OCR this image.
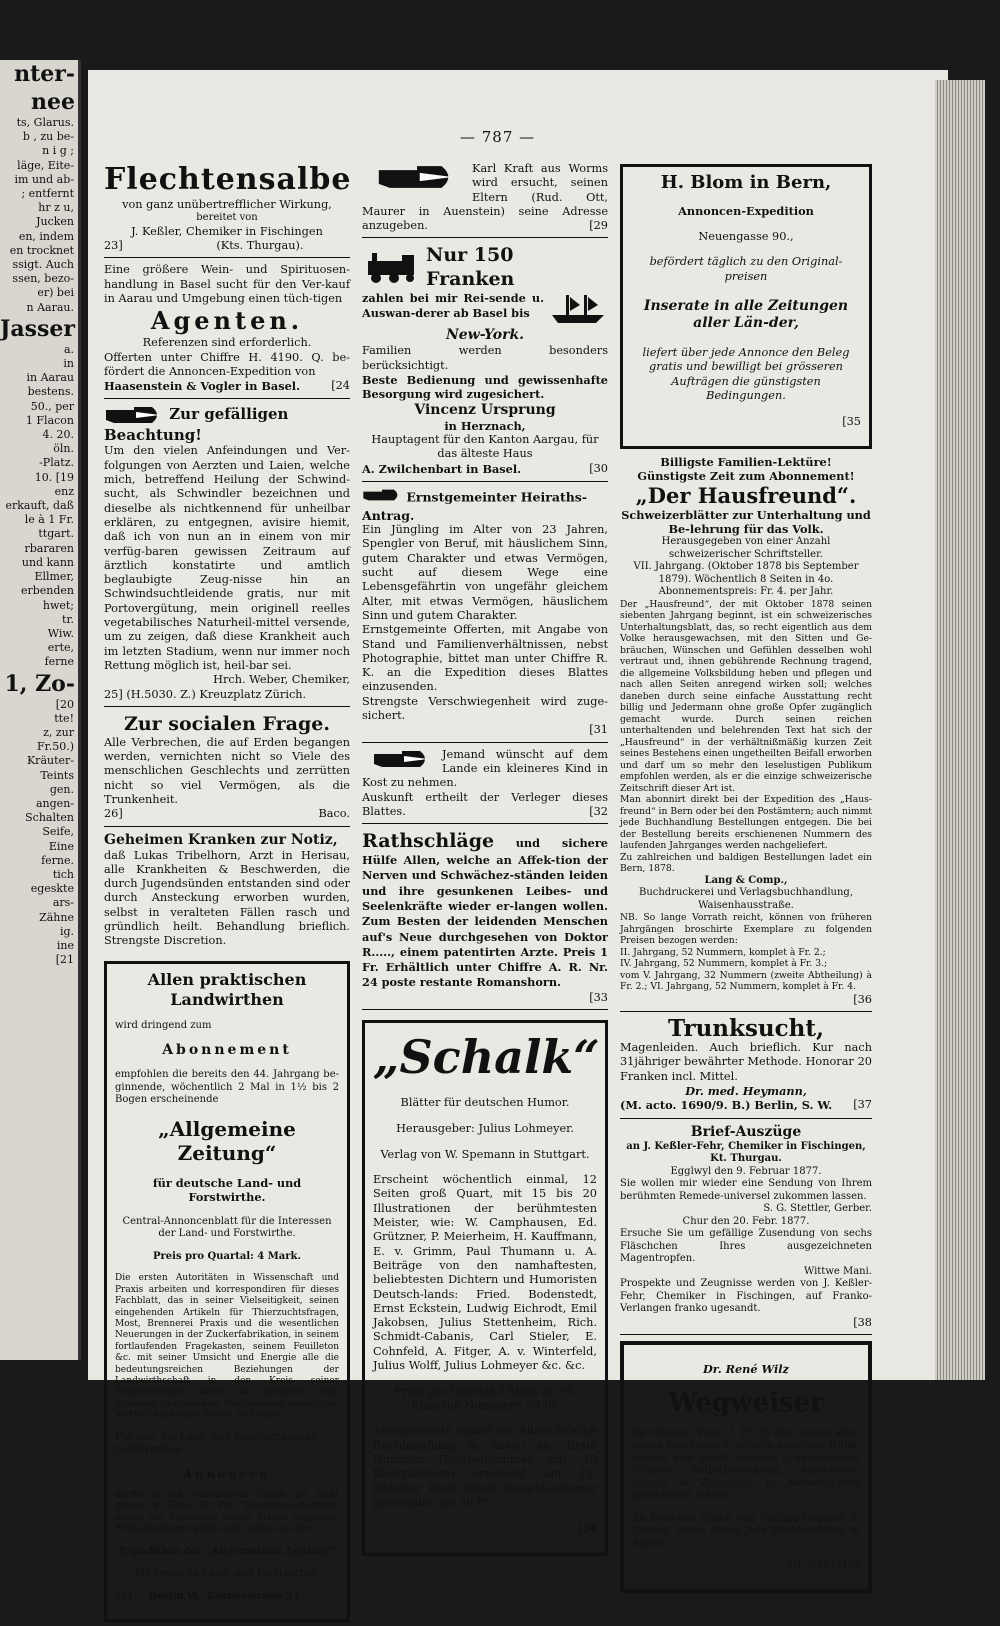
nter-
nee
ts, Glarus.
b , zu be-
n i g ;
läge, Eite-
im und ab-
; entfernt
hr z u,
Jucken
en, indem
en trocknet
ssigt. Auch
ssen, bezo-
er) bei
n Aarau.
Jasser
a.
in
in Aarau
bestens.
50., per
1 Flacon
4. 20.
öln.
-Platz.
10. [19
enz
erkauft, daß
le à 1 Fr.
ttgart.
rbararen
und kann
Ellmer,
erbenden
hwet;
tr.
Wiw.
erte,
ferne
1, Zo-
[20
tte!
z, zur
Fr.50.)
Kräuter-
Teints
gen.
angen-
Schalten
Seife,
Eine
ferne.
tich
egeskte
ars-
Zähne
ig.
ine
[21
— 787 —
Flechtensalbe

von ganz unübertrefflicher Wirkung,

bereitet von

J. Keßler, Chemiker in Fischingen

23]	(Kts. Thurgau).

Eine größere Wein- und Spirituosen-handlung in Basel sucht für den Ver-kauf in Aarau und Umgebung einen tüch-tigen

Agenten.

Referenzen sind erforderlich.

Offerten unter Chiffre H. 4190. Q. be-fördert die Annoncen-Expedition von

Haasenstein & Vogler in Basel.	[24

Zur gefälligen Beachtung!

Um den vielen Anfeindungen und Ver-folgungen von Aerzten und Laien, welche mich, betreffend Heilung der Schwind-sucht, als Schwindler bezeichnen und dieselbe als nichtkennend für unheilbar erklären, zu entgegnen, avisire hiemit, daß ich von nun an in einem von mir verfüg-baren gewissen Zeitraum auf ärztlich konstatirte und amtlich beglaubigte Zeug-nisse hin an Schwindsuchtleidende gratis, nur mit Portovergütung, mein originell reelles vegetabilisches Naturheil-mittel versende, um zu zeigen, daß diese Krankheit auch im letzten Stadium, wenn nur immer noch Rettung möglich ist, heil-bar sei.

Hrch. Weber, Chemiker,

25] (H.5030. Z.) Kreuzplatz Zürich.

Zur socialen Frage.

Alle Verbrechen, die auf Erden begangen werden, vernichten nicht so Viele des menschlichen Geschlechts und zerrütten nicht so viel Vermögen, als die Trunkenheit.

26]	Baco.

Geheimen Kranken zur Notiz,

daß Lukas Tribelhorn, Arzt in Herisau, alle Krankheiten & Beschwerden, die durch Jugendsünden entstanden sind oder durch Ansteckung erworben wurden, selbst in veralteten Fällen rasch und gründlich heilt. Behandlung brieflich. Strengste Discretion.

Allen praktischen Landwirthen

wird dringend zum

Abonnement

empfohlen die bereits den 44. Jahrgang be-ginnende, wöchentlich 2 Mal in 1½ bis 2 Bogen erscheinende

„Allgemeine Zeitung“

für deutsche Land- und Forstwirthe.

Central-Annoncenblatt für die Interessen der Land- und Forstwirthe.

Preis pro Quartal: 4 Mark.

Die ersten Autoritäten in Wissenschaft und Praxis arbeiten und korrespondiren für dieses Fachblatt, das in seiner Vielseitigkeit, seinen eingehenden Artikeln für Thierzuchtsfragen, Most, Brennerei Praxis und die wesentlichen Neuerungen in der Zuckerfabrikation, in seinem fortlaufenden Fragekasten, seinem Feuilleton &c. mit seiner Umsicht und Energie alle die bedeutungsreichen Beziehungen der Landwirthschaft in den Kreis seiner Besprechungen zieht, die geeignet sind, Interesse zu erwecken, Nachahmung anzuregen, Vortheil nach allen Seiten zu fördern.

Für alle, die Land- und Forstwirthschaft berührenden

Annoncen

dürfte es ein wirksameres Organ gar nicht geben. à Zeile 30 Pfg. Inserations-Aufträge nimmt die Expedition dieses Blattes entgegen. Probe-Nummern gratis und franko von der

Expedition der „Allgemeinen Zeitung“

für deutsche Land- und Forstwirthe,

28] Berlin W., Körnerstraße 24.

Karl Kraft aus Worms wird ersucht, seinen Eltern (Rud. Ott, Maurer in Auenstein) seine Adresse anzugeben.	[29

Nur 150 Franken

zahlen bei mir Rei-sende u. Auswan-derer ab Basel bis

New-York.

Familien werden besonders berücksichtigt.

Beste Bedienung und gewissenhafte Besorgung wird zugesichert.

Vincenz Ursprung

in Herznach,

Hauptagent für den Kanton Aargau, für das älteste Haus

A. Zwilchenbart in Basel.	[30

Ernstgemeinter Heiraths-Antrag.

Ein Jüngling im Alter von 23 Jahren, Spengler von Beruf, mit häuslichem Sinn, gutem Charakter und etwas Vermögen, sucht auf diesem Wege eine Lebensgefährtin von ungefähr gleichem Alter, mit etwas Vermögen, häuslichem Sinn und gutem Charakter.

Ernstgemeinte Offerten, mit Angabe von Stand und Familienverhältnissen, nebst Photographie, bittet man unter Chiffre R. K. an die Expedition dieses Blattes einzusenden.

Strengste Verschwiegenheit wird zuge-sichert.

[31

Jemand wünscht auf dem Lande ein kleineres Kind in Kost zu nehmen.

Auskunft ertheilt der Verleger dieses Blattes.	[32

Rathschläge und sichere Hülfe Allen, welche an Affek-tion der Nerven und Schwächez-ständen leiden und ihre gesunkenen Leibes- und Seelenkräfte wieder er-langen wollen. Zum Besten der leidenden Menschen auf's Neue durchgesehen von Doktor R....., einem patentirten Arzte. Preis 1 Fr. Erhältlich unter Chiffre A. R. Nr. 24 poste restante Romanshorn.

[33

„Schalk“

Blätter für deutschen Humor.

Herausgeber: Julius Lohmeyer.

Verlag von W. Spemann in Stuttgart.

Erscheint wöchentlich einmal, 12 Seiten groß Quart, mit 15 bis 20 Illustrationen der berühmtesten Meister, wie: W. Camphausen, Ed. Grützner, P. Meierheim, H. Kauffmann, E. v. Grimm, Paul Thumann u. A. Beiträge von den namhaftesten, beliebtesten Dichtern und Humoristen Deutsch-lands: Fried. Bodenstedt, Ernst Eckstein, Ludwig Eichrodt, Emil Jakobsen, Julius Stettenheim, Rich. Schmidt-Cabanis, Carl Stieler, E. Cohnfeld, A. Fitger, A. v. Winterfeld, Julius Wolff, Julius Lohmeyer &c. &c.

Preis pro Quartal 3 Mark 50 Pf. Einzelne Nummern 30 Pf.

Abonnements nimmt die Albrecht'sche Buchhandlung in Aarau an. Erste Nummer (Doppelnummer mit 40 Illustrationen) erscheint am 13. Oktober. Preis dieser Doppel-nummer gleichfalls nur 30 Pf.

[34

H. Blom in Bern,

Annoncen-Expedition

Neuengasse 90.,

befördert täglich zu den Original-preisen

Inserate in alle Zeitungen aller Län-der,

liefert über jede Annonce den Beleg gratis und bewilligt bei grösseren Aufträgen die günstigsten Bedingungen.

[35

Billigste Familien-Lektüre!

Günstigste Zeit zum Abonnement!

„Der Hausfreund“.

Schweizerblätter zur Unterhaltung und Be-lehrung für das Volk.

Herausgegeben von einer Anzahl schweizerischer Schriftsteller.

VII. Jahrgang. (Oktober 1878 bis September 1879). Wöchentlich 8 Seiten in 4o.

Abonnementspreis: Fr. 4. per Jahr.

Der „Hausfreund“, der mit Oktober 1878 seinen siebenten Jahrgang beginnt, ist ein schweizerisches Unterhaltungsblatt, das, so recht eigentlich aus dem Volke herausgewachsen, mit den Sitten und Ge-bräuchen, Wünschen und Gefühlen desselben wohl vertraut und, ihnen gebührende Rechnung tragend, die allgemeine Volksbildung heben und pflegen und nach allen Seiten anregend wirken soll; welches daneben durch seine einfache Ausstattung recht billig und Jedermann ohne große Opfer zugänglich gemacht wurde. Durch seinen reichen unterhaltenden und belehrenden Text hat sich der „Hausfreund“ in der verhältnißmäßig kurzen Zeit seines Bestehens einen ungetheilten Beifall erworben und darf um so mehr den leselustigen Publikum empfohlen werden, als er die einzige schweizerische Zeitschrift dieser Art ist.

Man abonnirt direkt bei der Expedition des „Haus-freund“ in Bern oder bei den Postämtern; auch nimmt jede Buchhandlung Bestellungen entgegen. Die bei der Bestellung bereits erschienenen Nummern des laufenden Jahrganges werden nachgeliefert.

Zu zahlreichen und baldigen Bestellungen ladet ein Bern, 1878.

Lang & Comp.,

Buchdruckerei und Verlagsbuchhandlung, Waisenhausstraße.

NB. So lange Vorrath reicht, können von früheren Jahrgängen broschirte Exemplare zu folgenden Preisen bezogen werden:

II. Jahrgang, 52 Nummern, komplet à Fr. 2.;

IV. Jahrgang, 52 Nummern, komplet à Fr. 3.;

vom V. Jahrgang, 32 Nummern (zweite Abtheilung) à Fr. 2.; VI. Jahrgang, 52 Nummern, komplet à Fr. 4.

[36

Trunksucht,

Magenleiden. Auch brieflich. Kur nach 31jähriger bewährter Methode. Honorar 20 Franken incl. Mittel.

Dr. med. Heymann,

(M. acto. 1690/9. B.) Berlin, S. W. [37

Brief-Auszüge

an J. Keßler-Fehr, Chemiker in Fischingen, Kt. Thurgau.

Egglwyl den 9. Februar 1877.

Sie wollen mir wieder eine Sendung von Ihrem berühmten Remede-universel zukommen lassen.

S. G. Stettler, Gerber.

Chur den 20. Febr. 1877.

Ersuche Sie um gefällige Zusendung von sechs Fläschchen Ihres ausgezeichneten Magentropfen.

Wittwe Mani.

Prospekte und Zeugnisse werden von J. Keßler-Fehr, Chemiker in Fischingen, auf Franko-Verlangen franko ugesandt.

[38

Dr. René Wilz

Wegweiser

für Männer, Preis: 1 Fr. 35 Cts., bietet allen denen Belehrung u. sichere dauernde Hülfe, welche sich durch geheime Jugend-sünden (Onanie, Selbstbefleckung, Ausschweif-ungen) in Zeugungs- u. Nervensystem geschwächt fühlen.

Zu beziehen durch das Verlags-Magazin in Leipzig, sowie durch jede Buchhandlung in Aarau.

(H 30684) [39
